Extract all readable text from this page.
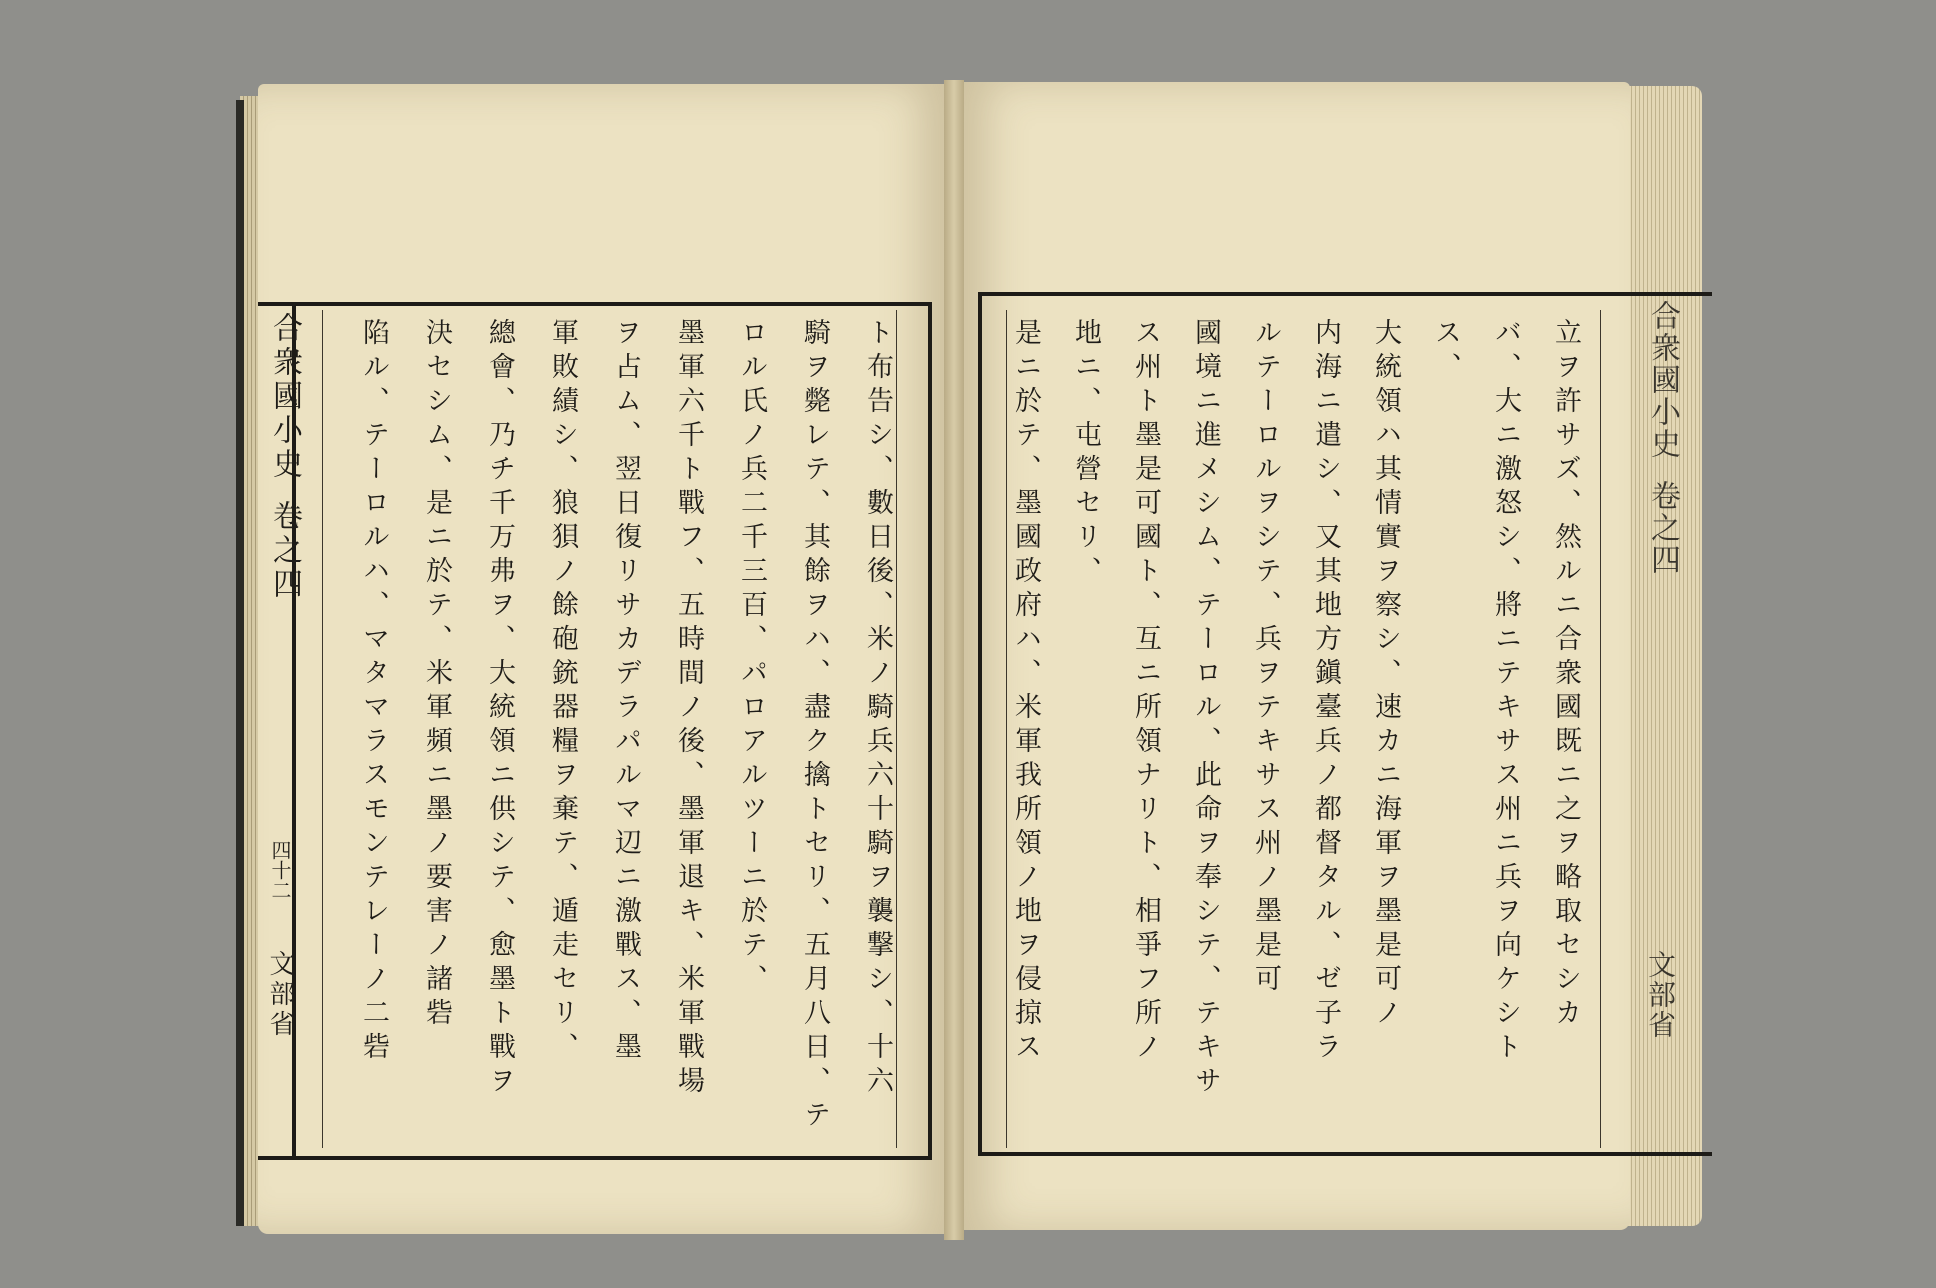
合衆國小史
卷之四
四十二
文部省
合衆國小史
卷之四
文部省
ト布告シ、數日後、米ノ騎兵六十騎ヲ襲撃シ、十六
騎ヲ斃レテ、其餘ヲハ、盡ク擒トセリ、五月八日、テ
ロル氏ノ兵二千三百、パロアルツーニ於テ、
墨軍六千ト戰フ、五時間ノ後、墨軍退キ、米軍戰場
ヲ占ム、翌日復リサカデラパルマ辺ニ激戰ス、墨
軍敗績シ、狼狽ノ餘砲銃器糧ヲ棄テ、遁走セリ、
總會、乃チ千万弗ヲ、大統領ニ供シテ、愈墨ト戰ヲ
決セシム、是ニ於テ、米軍頻ニ墨ノ要害ノ諸砦
陷ル、テーロルハ、マタマラスモンテレーノ二砦	立ヲ許サズ、然ルニ合衆國既ニ之ヲ略取セシカ
バ、大ニ激怒シ、將ニテキサス州ニ兵ヲ向ケシト
ス、
大統領ハ其情實ヲ察シ、速カニ海軍ヲ墨是可ノ
内海ニ遣シ、又其地方鎭臺兵ノ都督タル、ゼ子ラ
ルテーロルヲシテ、兵ヲテキサス州ノ墨是可
國境ニ進メシム、テーロル、此命ヲ奉シテ、テキサ
ス州ト墨是可國ト、互ニ所領ナリト、相爭フ所ノ
地ニ、屯營セリ、
是ニ於テ、墨國政府ハ、米軍我所領ノ地ヲ侵掠ス
